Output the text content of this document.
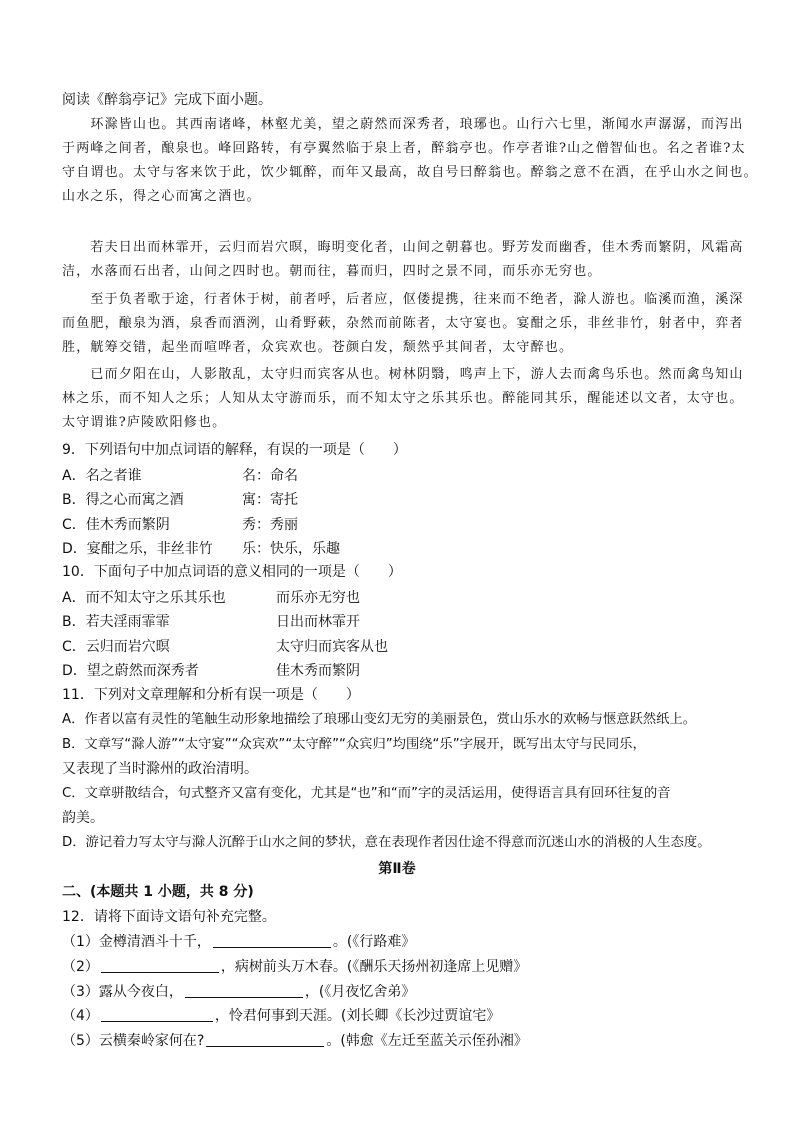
阅读《醉翁亭记》完成下面小题。
　　环滁皆山也。其西南诸峰，林壑尤美，望之蔚然而深秀者，琅琊也。山行六七里，渐闻水声潺潺，而泻出
于两峰之间者，酿泉也。峰回路转，有亭翼然临于泉上者，醉翁亭也。作亭者谁?山之僧智仙也。名之者谁?太
守自谓也。太守与客来饮于此，饮少辄醉，而年又最高，故自号曰醉翁也。醉翁之意不在酒，在乎山水之间也。
山水之乐，得之心而寓之酒也。
　　若夫日出而林霏开，云归而岩穴暝，晦明变化者，山间之朝暮也。野芳发而幽香，佳木秀而繁阴，风霜高
洁，水落而石出者，山间之四时也。朝而往，暮而归，四时之景不同，而乐亦无穷也。
　　至于负者歌于途，行者休于树，前者呼，后者应，伛偻提携，往来而不绝者，滁人游也。临溪而渔，溪深
而鱼肥，酿泉为酒，泉香而酒洌，山肴野蔌，杂然而前陈者，太守宴也。宴酣之乐，非丝非竹，射者中，弈者
胜，觥筹交错，起坐而喧哗者，众宾欢也。苍颜白发，颓然乎其间者，太守醉也。
　　已而夕阳在山，人影散乱，太守归而宾客从也。树林阴翳，鸣声上下，游人去而禽鸟乐也。然而禽鸟知山
林之乐，而不知人之乐；人知从太守游而乐，而不知太守之乐其乐也。醉能同其乐，醒能述以文者，太守也。
太守谓谁?庐陵欧阳修也。
9．下列语句中加点词语的解释，有误的一项是（　　）
A．名之者谁	名：命名
B．得之心而寓之酒	寓：寄托
C．佳木秀而繁阴	秀：秀丽
D．宴酣之乐，非丝非竹 乐：快乐，乐趣
10．下面句子中加点词语的意义相同的一项是（　　）
A．而不知太守之乐其乐也	而乐亦无穷也
B．若夫淫雨霏霏	日出而林霏开
C．云归而岩穴暝	太守归而宾客从也
D．望之蔚然而深秀者	佳木秀而繁阴
11．下列对文章理解和分析有误一项是（　　）
A．作者以富有灵性的笔触生动形象地描绘了琅琊山变幻无穷的美丽景色，赏山乐水的欢畅与惬意跃然纸上。
B．文章写“滁人游”“太守宴”“众宾欢”“太守醉”“众宾归”均围绕“乐”字展开，既写出太守与民同乐，
又表现了当时滁州的政治清明。
C．文章骈散结合，句式整齐又富有变化，尤其是“也”和“而”字的灵活运用，使得语言具有回环往复的音
韵美。
D．游记着力写太守与滁人沉醉于山水之间的梦状，意在表现作者因仕途不得意而沉迷山水的消极的人生态度。
第Ⅱ卷
二、(本题共 1 小题，共 8 分)
12．请将下面诗文语句补充完整。
（1）金樽清酒斗十千，	。(《行路难》
（2）	，病树前头万木春。(《酬乐天扬州初逢席上见赠》
（3）露从今夜白，	，(《月夜忆舍弟》
（4）	，怜君何事到天涯。(刘长卿《长沙过贾谊宅》
（5）云横秦岭家何在?	。(韩愈《左迁至蓝关示侄孙湘》
